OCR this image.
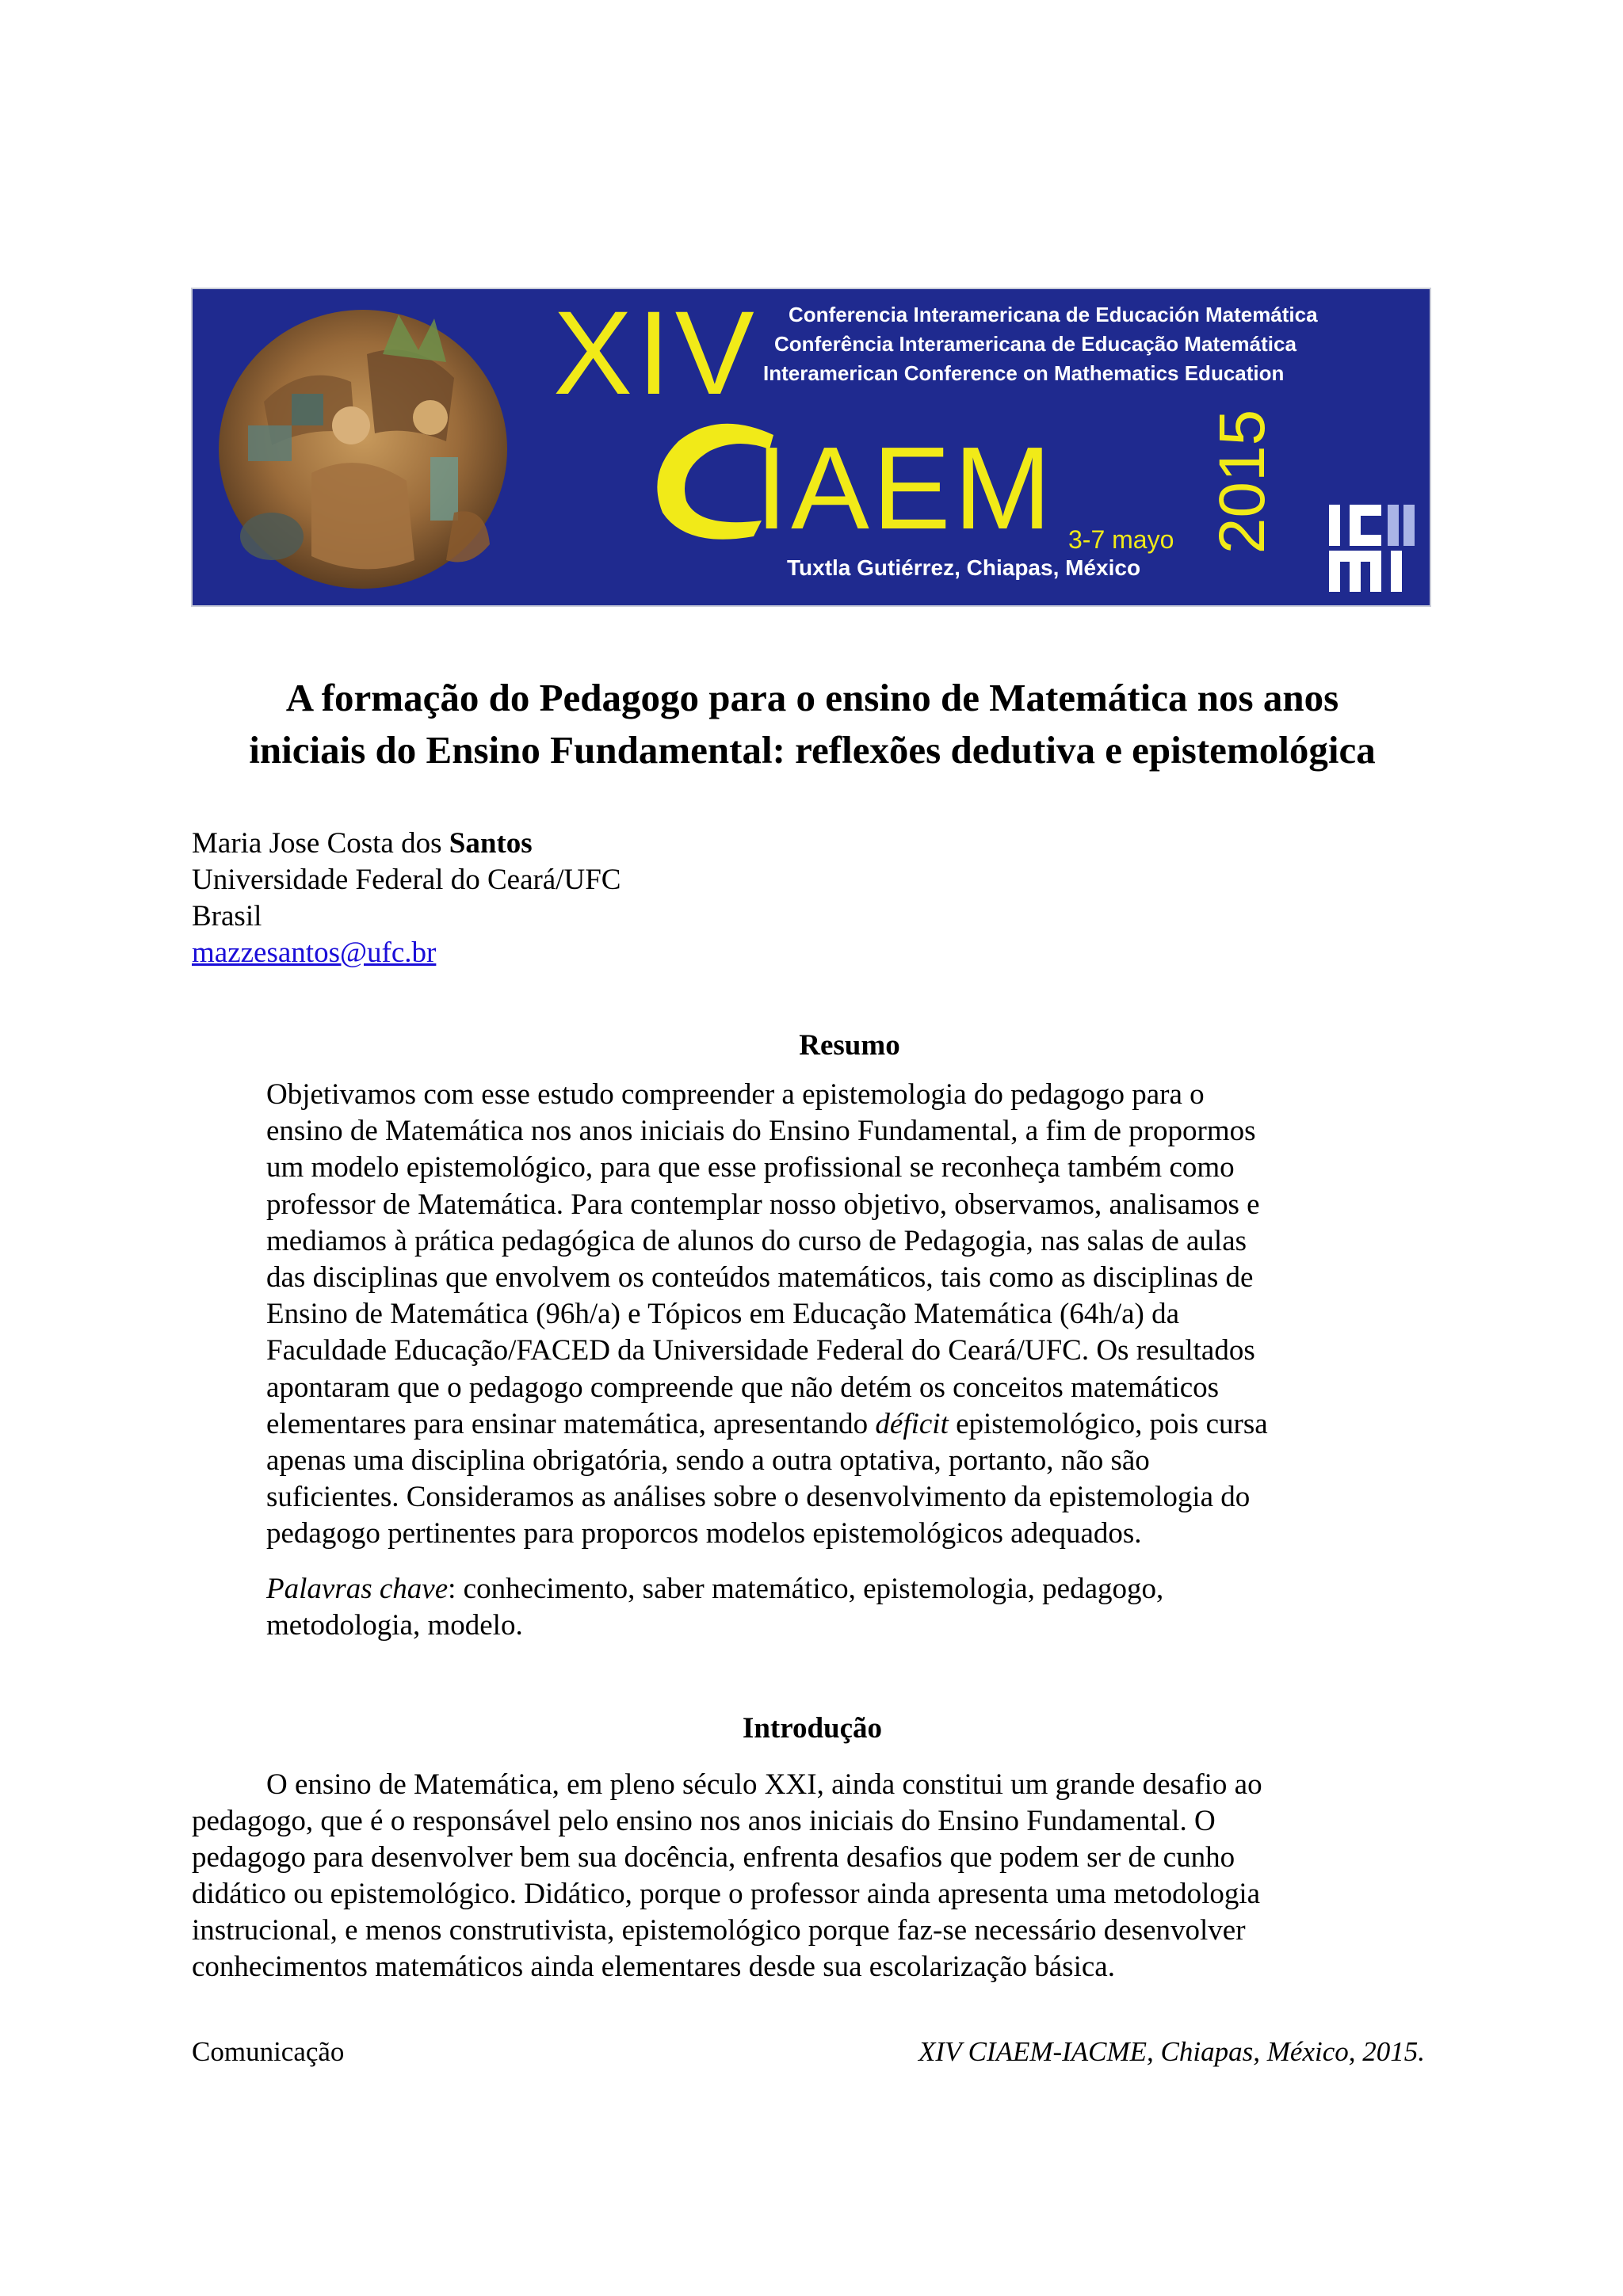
XIV	Conferencia Interamericana de Educación Matemática
Conferência Interamericana de Educação Matemática
Interamerican Conference on Mathematics Education
IAEM 2015
3-7 mayo
Tuxtla Gutiérrez, Chiapas, México
A formação do Pedagogo para o ensino de Matemática nos anos
iniciais do Ensino Fundamental: reflexões dedutiva e epistemológica
Maria Jose Costa dos Santos
Universidade Federal do Ceará/UFC
Brasil
mazzesantos@ufc.br
Resumo
Objetivamos com esse estudo compreender a epistemologia do pedagogo para o
ensino de Matemática nos anos iniciais do Ensino Fundamental, a fim de propormos
um modelo epistemológico, para que esse profissional se reconheça também como
professor de Matemática. Para contemplar nosso objetivo, observamos, analisamos e
mediamos à prática pedagógica de alunos do curso de Pedagogia, nas salas de aulas
das disciplinas que envolvem os conteúdos matemáticos, tais como as disciplinas de
Ensino de Matemática (96h/a) e Tópicos em Educação Matemática (64h/a) da
Faculdade Educação/FACED da Universidade Federal do Ceará/UFC. Os resultados
apontaram que o pedagogo compreende que não detém os conceitos matemáticos
elementares para ensinar matemática, apresentando déficit epistemológico, pois cursa
apenas uma disciplina obrigatória, sendo a outra optativa, portanto, não são
suficientes. Consideramos as análises sobre o desenvolvimento da epistemologia do
pedagogo pertinentes para proporcos modelos epistemológicos adequados.
Palavras chave: conhecimento, saber matemático, epistemologia, pedagogo,
metodologia, modelo.
Introdução
O ensino de Matemática, em pleno século XXI, ainda constitui um grande desafio ao
pedagogo, que é o responsável pelo ensino nos anos iniciais do Ensino Fundamental. O
pedagogo para desenvolver bem sua docência, enfrenta desafios que podem ser de cunho
didático ou epistemológico. Didático, porque o professor ainda apresenta uma metodologia
instrucional, e menos construtivista, epistemológico porque faz-se necessário desenvolver
conhecimentos matemáticos ainda elementares desde sua escolarização básica.
Comunicação	XIV CIAEM-IACME, Chiapas, México, 2015.
